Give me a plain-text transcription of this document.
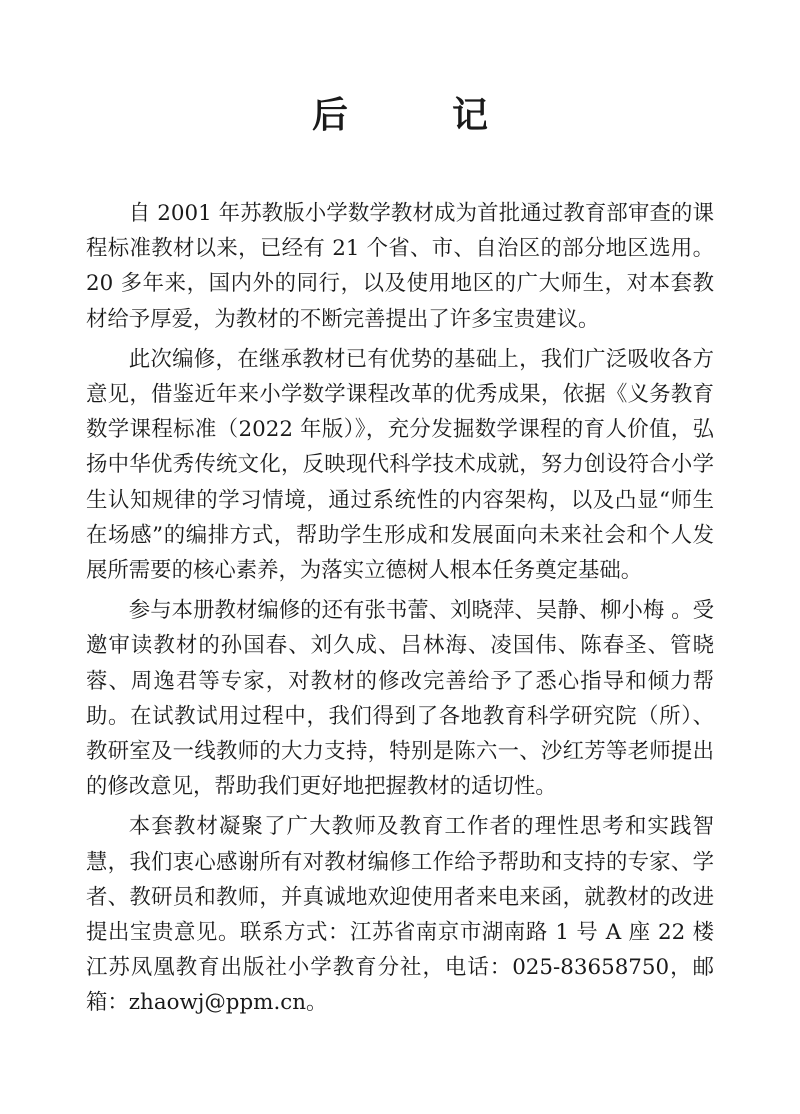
后　记

自 2001 年苏教版小学数学教材成为首批通过教育部审查的课程标准教材以来，已经有 21 个省、市、自治区的部分地区选用。20 多年来，国内外的同行，以及使用地区的广大师生，对本套教材给予厚爱，为教材的不断完善提出了许多宝贵建议。

此次编修，在继承教材已有优势的基础上，我们广泛吸收各方意见，借鉴近年来小学数学课程改革的优秀成果，依据《义务教育数学课程标准（2022 年版）》，充分发掘数学课程的育人价值，弘扬中华优秀传统文化，反映现代科学技术成就，努力创设符合小学生认知规律的学习情境，通过系统性的内容架构，以及凸显“师生在场感”的编排方式，帮助学生形成和发展面向未来社会和个人发展所需要的核心素养，为落实立德树人根本任务奠定基础。

参与本册教材编修的还有张书蕾、刘晓萍、吴静、柳小梅 。受邀审读教材的孙国春、刘久成、吕林海、凌国伟、陈春圣、管晓蓉、周逸君等专家，对教材的修改完善给予了悉心指导和倾力帮助。在试教试用过程中，我们得到了各地教育科学研究院（所）、教研室及一线教师的大力支持，特别是陈六一、沙红芳等老师提出的修改意见，帮助我们更好地把握教材的适切性。

本套教材凝聚了广大教师及教育工作者的理性思考和实践智慧，我们衷心感谢所有对教材编修工作给予帮助和支持的专家、学者、教研员和教师，并真诚地欢迎使用者来电来函，就教材的改进提出宝贵意见。联系方式：江苏省南京市湖南路 1 号 A 座 22 楼江苏凤凰教育出版社小学教育分社，电话：025-83658750，邮箱：zhaowj@ppm.cn。
